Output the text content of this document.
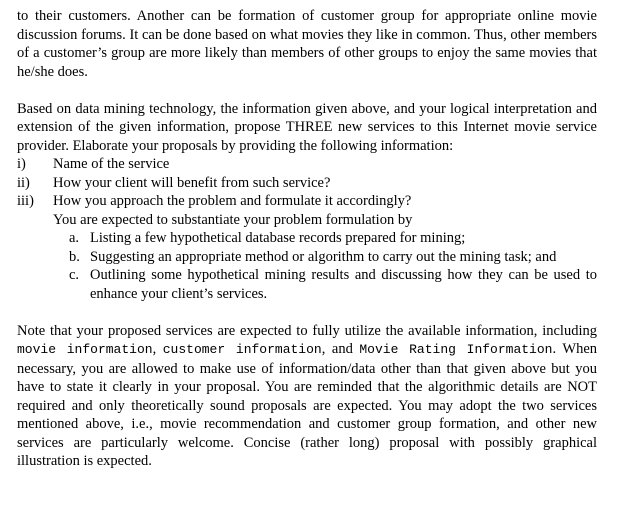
to their customers. Another can be formation of customer group for appropriate online movie discussion forums. It can be done based on what movies they like in common. Thus, other members of a customer’s group are more likely than members of other groups to enjoy the same movies that he/she does.

Based on data mining technology, the information given above, and your logical interpretation and extension of the given information, propose THREE new services to this Internet movie service provider. Elaborate your proposals by providing the following information:

i)	Name of the service
ii)	How your client will benefit from such service?
iii)	How you approach the problem and formulate it accordingly?

You are expected to substantiate your problem formulation by

a. Listing a few hypothetical database records prepared for mining;
b. Suggesting an appropriate method or algorithm to carry out the mining task; and
c. Outlining some hypothetical mining results and discussing how they can be used to enhance your client’s services.

Note that your proposed services are expected to fully utilize the available information, including movie information, customer information, and Movie Rating Information. When necessary, you are allowed to make use of information/data other than that given above but you have to state it clearly in your proposal. You are reminded that the algorithmic details are NOT required and only theoretically sound proposals are expected. You may adopt the two services mentioned above, i.e., movie recommendation and customer group formation, and other new services are particularly welcome. Concise (rather long) proposal with possibly graphical illustration is expected.
